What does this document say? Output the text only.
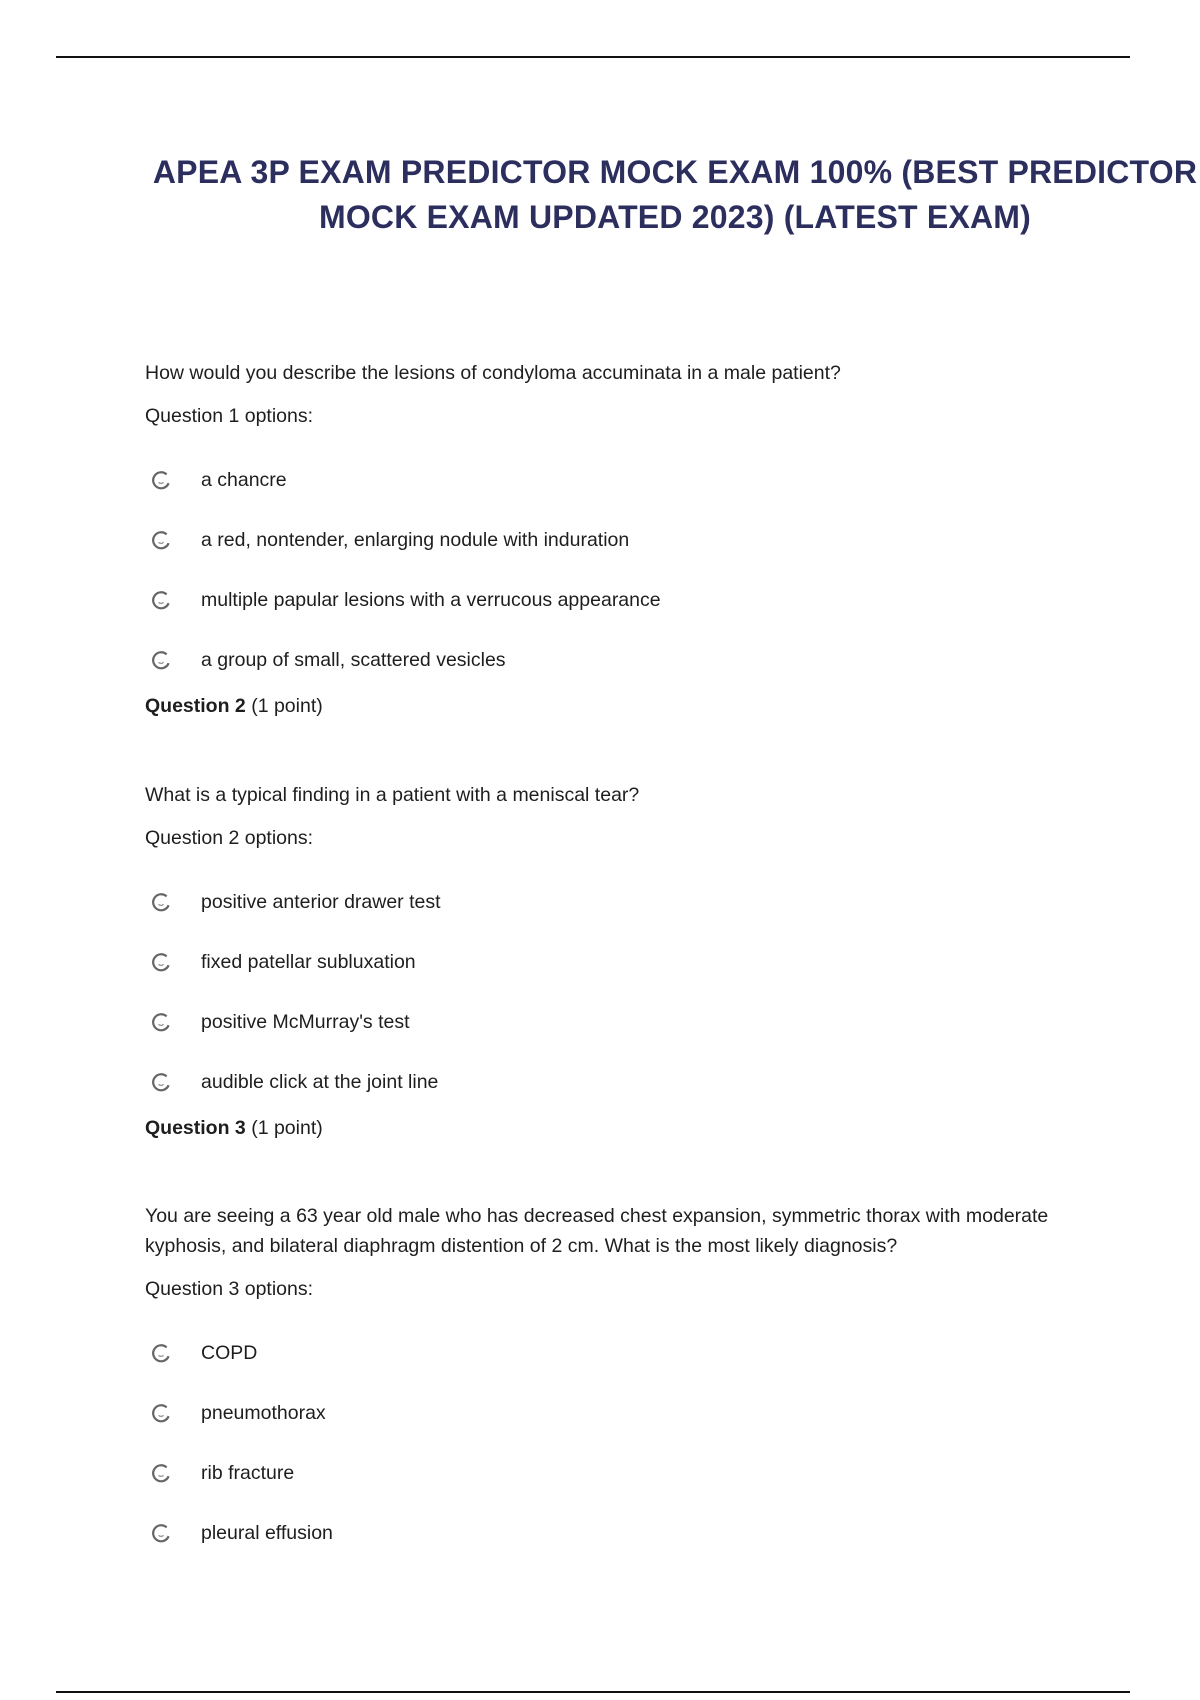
APEA 3P EXAM PREDICTOR MOCK EXAM 100% (BEST PREDICTOR
MOCK EXAM UPDATED 2023) (LATEST EXAM)

How would you describe the lesions of condyloma accuminata in a male patient?

Question 1 options:

a chancre
a red, nontender, enlarging nodule with induration
multiple papular lesions with a verrucous appearance
a group of small, scattered vesicles

Question 2 (1 point)

What is a typical finding in a patient with a meniscal tear?

Question 2 options:

positive anterior drawer test
fixed patellar subluxation
positive McMurray's test
audible click at the joint line

Question 3 (1 point)

You are seeing a 63 year old male who has decreased chest expansion, symmetric thorax with moderate
kyphosis, and bilateral diaphragm distention of 2 cm. What is the most likely diagnosis?

Question 3 options:

COPD
pneumothorax
rib fracture
pleural effusion
